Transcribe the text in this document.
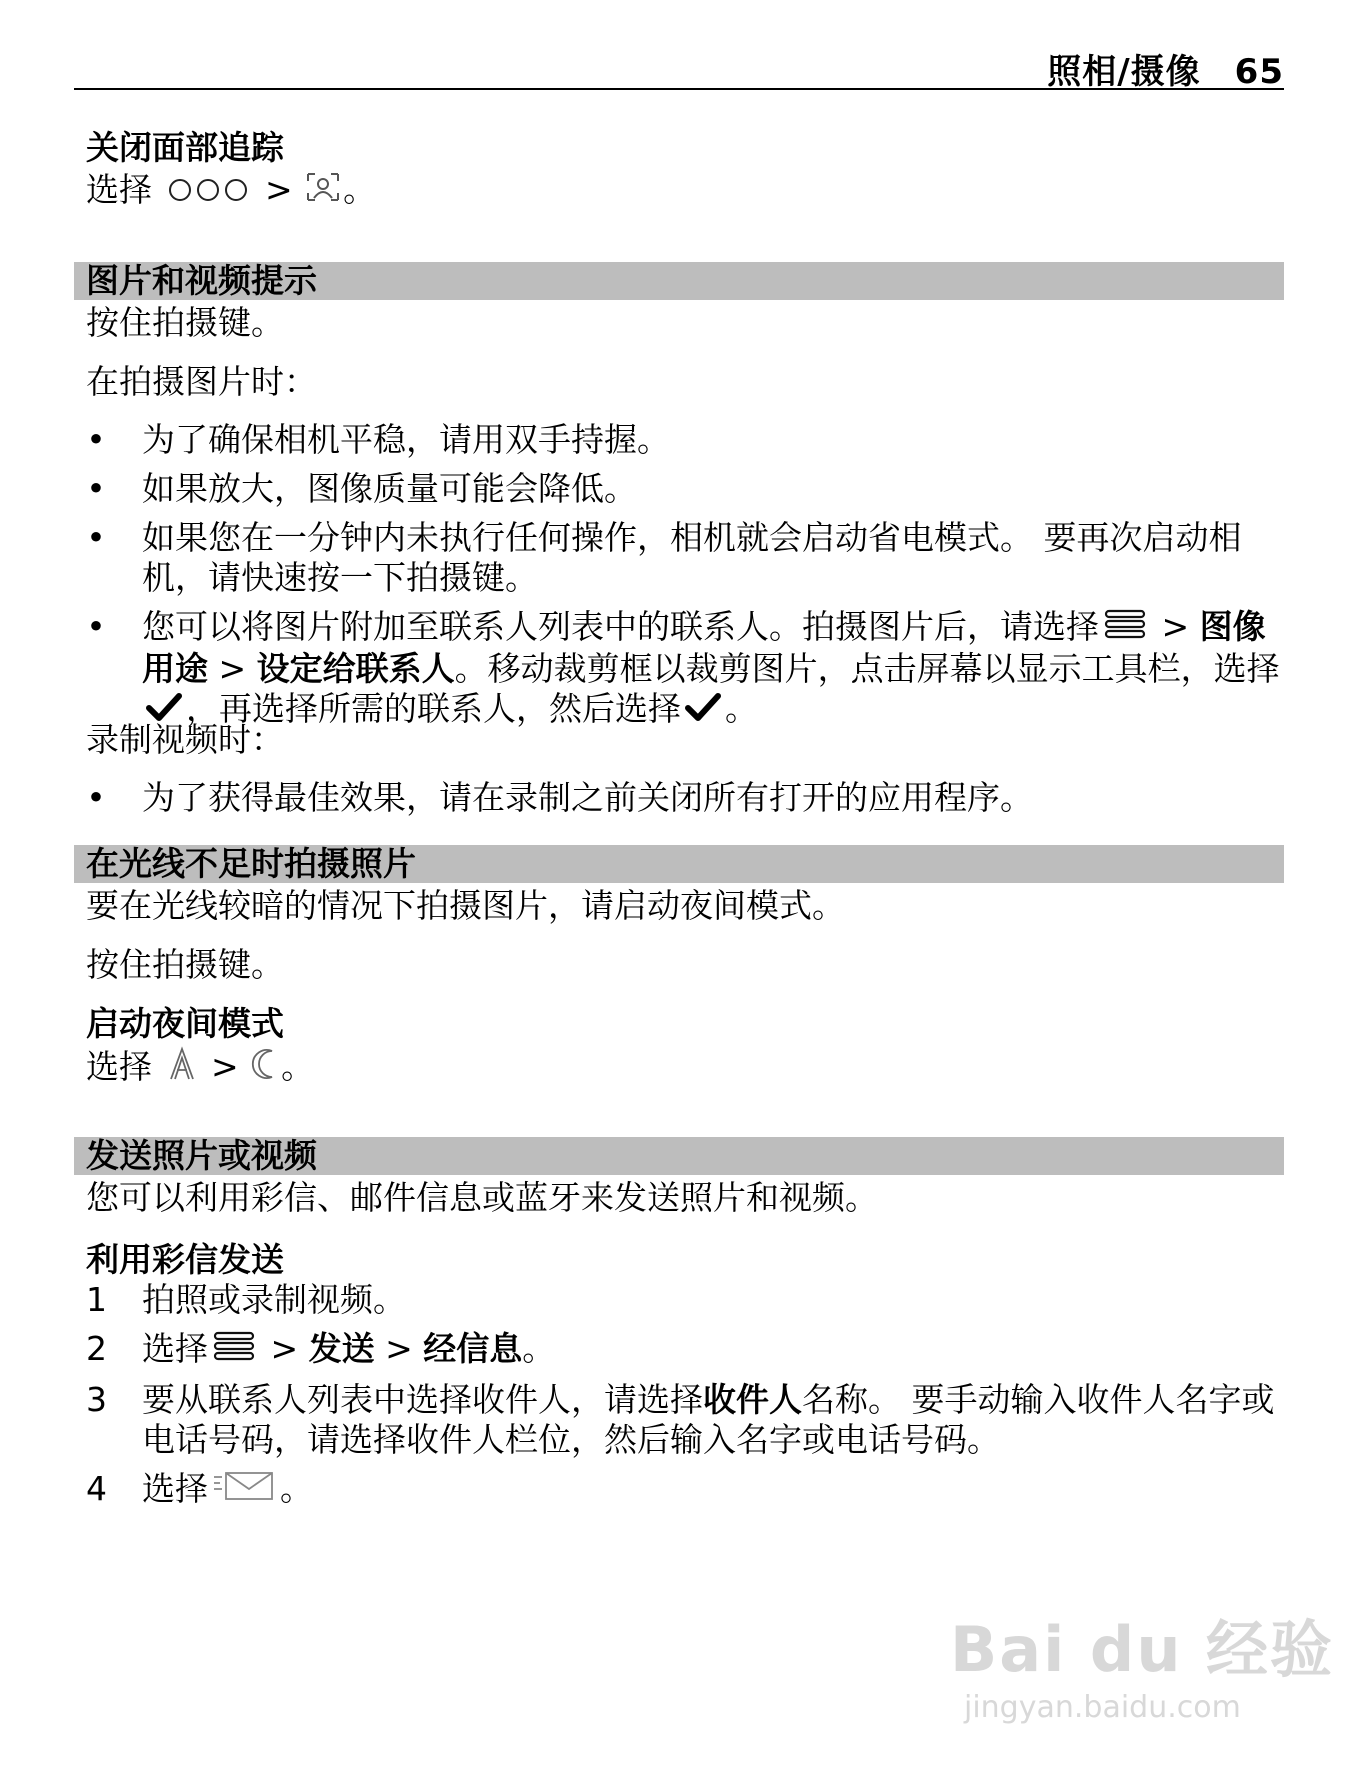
照相/摄像 65
关闭面部追踪
选择	> 。
图片和视频提示
按住拍摄键。
在拍摄图片时：
• 为了确保相机平稳，请用双手持握。
• 如果放大，图像质量可能会降低。
• 如果您在一分钟内未执行任何操作，相机就会启动省电模式。 要再次启动相机，请快速按一下拍摄键。
• 您可以将图片附加至联系人列表中的联系人。拍摄图片后，请选择 > 图像用途 > 设定给联系人。移动裁剪框以裁剪图片，点击屏幕以显示工具栏，选择，再选择所需的联系人，然后选择 。
录制视频时：
• 为了获得最佳效果，请在录制之前关闭所有打开的应用程序。
在光线不足时拍摄照片
要在光线较暗的情况下拍摄图片，请启动夜间模式。
按住拍摄键。
启动夜间模式
选择 > 。
发送照片或视频
您可以利用彩信、邮件信息或蓝牙来发送照片和视频。
利用彩信发送
1 拍照或录制视频。
2 选择 > 发送 > 经信息。
3 要从联系人列表中选择收件人，请选择收件人名称。 要手动输入收件人名字或电话号码，请选择收件人栏位，然后输入名字或电话号码。
4 选择 。
Bai du 经验
jingyan.baidu.com
